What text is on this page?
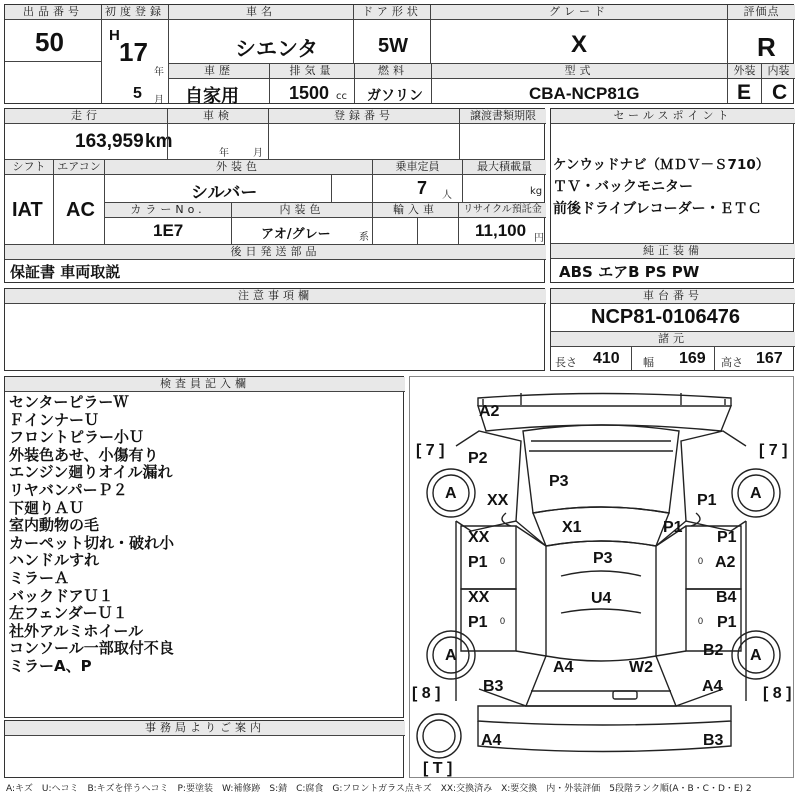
出品番号
50
初度登録
H
17
年
5 月
車名
シエンタ
ドア形状
5W
グレード
X
評価点
R
車歴
自家用
排気量
1500 cc
燃料
ガソリン
型式
CBA-NCP81G
外装
E
内装
C
走行
163,959 km
車検
年 月
登録番号	譲渡書類期限
シフト
IAT
エアコン
AC
外装色
シルバー
乗車定員
7 人
最大積載量
kg
カラーNo.
1E7
内装色
アオ/グレー	系
輸入車	リサイクル預託金
11,100 円
後日発送部品
保証書 車両取説
セールスポイント
ケンウッドナビ（ＭＤＶ－Ｓ710）
ＴＶ・バックモニター
前後ドライブレコーダー・ＥＴＣ
純正装備
ABS エアB PS PW
注意事項欄	車台番号
NCP81-0106476
諸元
長さ 410 幅 169 高さ 167
検査員記入欄
センターピラーＷ
ＦインナーＵ
フロントピラー小Ｕ
外装色あせ、小傷有り
エンジン廻りオイル漏れ
リヤバンパーＰ２
下廻りＡＵ
室内動物の毛
カーペット切れ・破れ小
ハンドルすれ
ミラーＡ
バックドアＵ１
左フェンダーＵ１
社外アルミホイール
コンソール一部取付不良
ミラーA、P
事務局よりご案内
[ 7 ]	[ 7 ]
[ 8 ]	[ 8 ]
[ T ]
A2
P2
P3
A	A
XX	P1
X1	P1
XX
P1 0	P3
P1
A2
0
XX
P1 0
U4	B4
P1
0
A	A
B2
A4	W2
B3	A4
A4	B3
A:キズ　U:ヘコミ　B:キズを伴うヘコミ　P:要塗装　W:補修跡　S:錆　C:腐食　G:フロントガラス点キズ　XX:交換済み　X:要交換　内・外装評価　5段階ランク順(A・B・C・D・E) 2
